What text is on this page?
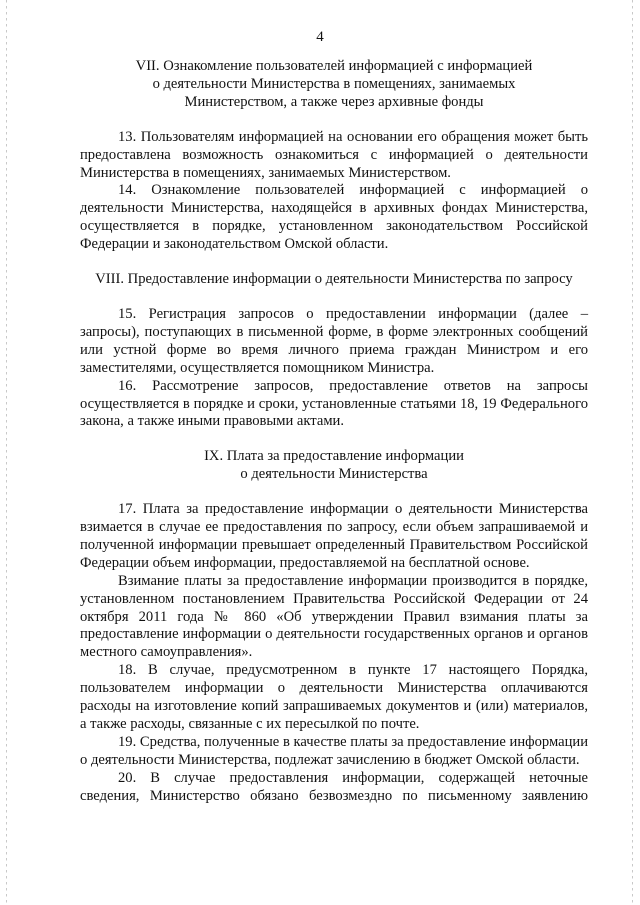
4
VII. Ознакомление пользователей информацией с информацией
о деятельности Министерства в помещениях, занимаемых
Министерством, а также через архивные фонды

13. Пользователям информацией на основании его обращения может быть предоставлена возможность ознакомиться с информацией о деятельности Министерства в помещениях, занимаемых Министерством.

14. Ознакомление пользователей информацией с информацией о деятельности Министерства, находящейся в архивных фондах Министерства, осуществляется в порядке, установленном законодательством Российской Федерации и законодательством Омской области.

VIII. Предоставление информации о деятельности Министерства по запросу

15. Регистрация запросов о предоставлении информации (далее – запросы), поступающих в письменной форме, в форме электронных сообщений или устной форме во время личного приема граждан Министром и его заместителями, осуществляется помощником Министра.

16. Рассмотрение запросов, предоставление ответов на запросы осуществляется в порядке и сроки, установленные статьями 18, 19 Федерального закона, а также иными правовыми актами.

IX. Плата за предоставление информации
о деятельности Министерства

17. Плата за предоставление информации о деятельности Министерства взимается в случае ее предоставления по запросу, если объем запрашиваемой и полученной информации превышает определенный Правительством Российской Федерации объем информации, предоставляемой на бесплатной основе.

Взимание платы за предоставление информации производится в порядке, установленном постановлением Правительства Российской Федерации от 24 октября 2011 года № 860 «Об утверждении Правил взимания платы за предоставление информации о деятельности государственных органов и органов местного самоуправления».

18. В случае, предусмотренном в пункте 17 настоящего Порядка, пользователем информации о деятельности Министерства оплачиваются расходы на изготовление копий запрашиваемых документов и (или) материалов, а также расходы, связанные с их пересылкой по почте.

19. Средства, полученные в качестве платы за предоставление информации о деятельности Министерства, подлежат зачислению в бюджет Омской области.

20. В случае предоставления информации, содержащей неточные сведения, Министерство обязано безвозмездно по письменному заявлению
